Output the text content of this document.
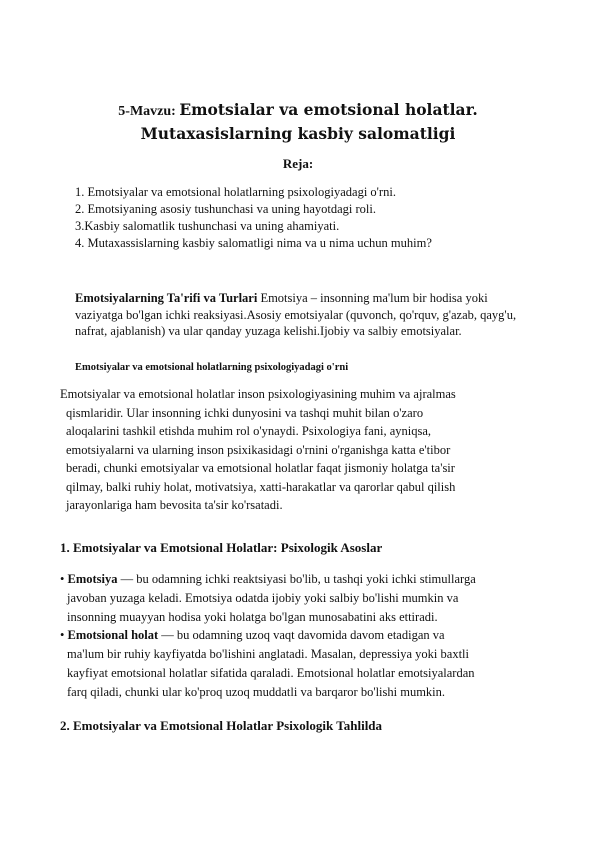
5-Mavzu: Emotsialar va emotsional holatlar.
Mutaxasislarning kasbiy salomatligi
Reja:
1. Emotsiyalar va emotsional holatlarning psixologiyadagi o'rni.
2. Emotsiyaning asosiy tushunchasi va uning hayotdagi roli.
3.Kasbiy salomatlik tushunchasi va uning ahamiyati.
4. Mutaxassislarning kasbiy salomatligi nima va u nima uchun muhim?
Emotsiyalarning Ta'rifi va Turlari Emotsiya – insonning ma'lum bir hodisa yoki vaziyatga bo'lgan ichki reaksiyasi.Asosiy emotsiyalar (quvonch, qo'rquv, g'azab, qayg'u, nafrat, ajablanish) va ular qanday yuzaga kelishi.Ijobiy va salbiy emotsiyalar.
Emotsiyalar va emotsional holatlarning psixologiyadagi o'rni
Emotsiyalar va emotsional holatlar inson psixologiyasining muhim va ajralmas
qismlaridir. Ular insonning ichki dunyosini va tashqi muhit bilan o'zaro
aloqalarini tashkil etishda muhim rol o'ynaydi. Psixologiya fani, ayniqsa,
emotsiyalarni va ularning inson psixikasidagi o'rnini o'rganishga katta e'tibor
beradi, chunki emotsiyalar va emotsional holatlar faqat jismoniy holatga ta'sir
qilmay, balki ruhiy holat, motivatsiya, xatti-harakatlar va qarorlar qabul qilish
jarayonlariga ham bevosita ta'sir ko'rsatadi.
1. Emotsiyalar va Emotsional Holatlar: Psixologik Asoslar
• Emotsiya — bu odamning ichki reaktsiyasi bo'lib, u tashqi yoki ichki stimullarga
javoban yuzaga keladi. Emotsiya odatda ijobiy yoki salbiy bo'lishi mumkin va
insonning muayyan hodisa yoki holatga bo'lgan munosabatini aks ettiradi.
• Emotsional holat — bu odamning uzoq vaqt davomida davom etadigan va
ma'lum bir ruhiy kayfiyatda bo'lishini anglatadi. Masalan, depressiya yoki baxtli
kayfiyat emotsional holatlar sifatida qaraladi. Emotsional holatlar emotsiyalardan
farq qiladi, chunki ular ko'proq uzoq muddatli va barqaror bo'lishi mumkin.
2. Emotsiyalar va Emotsional Holatlar Psixologik Tahlilda
